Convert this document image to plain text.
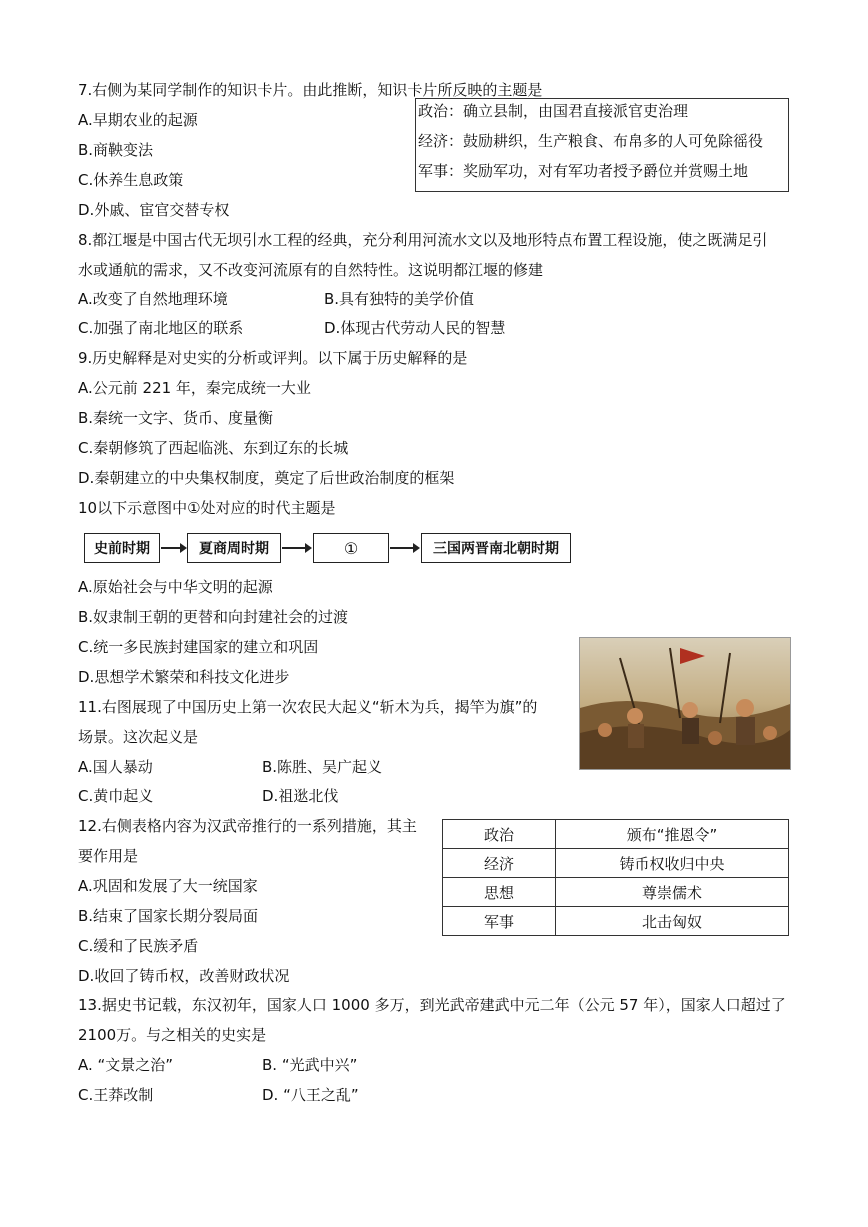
7.右侧为某同学制作的知识卡片。由此推断，知识卡片所反映的主题是
A.早期农业的起源
B.商鞅变法
C.休养生息政策
D.外戚、宦官交替专权
政治：确立县制，由国君直接派官吏治理
经济：鼓励耕织，生产粮食、布帛多的人可免除徭役
军事：奖励军功，对有军功者授予爵位并赏赐土地
8.都江堰是中国古代无坝引水工程的经典，充分利用河流水文以及地形特点布置工程设施，使之既满足引
水或通航的需求，又不改变河流原有的自然特性。这说明都江堰的修建
A.改变了自然地理环境	B.具有独特的美学价值
C.加强了南北地区的联系	D.体现古代劳动人民的智慧
9.历史解释是对史实的分析或评判。以下属于历史解释的是
A.公元前 221 年，秦完成统一大业
B.秦统一文字、货币、度量衡
C.秦朝修筑了西起临洮、东到辽东的长城
D.秦朝建立的中央集权制度，奠定了后世政治制度的框架
10以下示意图中①处对应的时代主题是
史前时期	夏商周时期	①	三国两晋南北朝时期
A.原始社会与中华文明的起源
B.奴隶制王朝的更替和向封建社会的过渡
C.统一多民族封建国家的建立和巩固
D.思想学术繁荣和科技文化进步
11.右图展现了中国历史上第一次农民大起义“斩木为兵，揭竿为旗”的
场景。这次起义是
A.国人暴动	B.陈胜、吴广起义
C.黄巾起义	D.祖逖北伐
12.右侧表格内容为汉武帝推行的一系列措施，其主
要作用是
政治	颁布“推恩令”
经济	铸币权收归中央
思想	尊崇儒术
军事	北击匈奴
A.巩固和发展了大一统国家
B.结束了国家长期分裂局面
C.缓和了民族矛盾
D.收回了铸币权，改善财政状况
13.据史书记载，东汉初年，国家人口 1000 多万，到光武帝建武中元二年（公元 57 年），国家人口超过了
2100万。与之相关的史实是
A. “文景之治”	B. “光武中兴”
C.王莽改制	D. “八王之乱”
